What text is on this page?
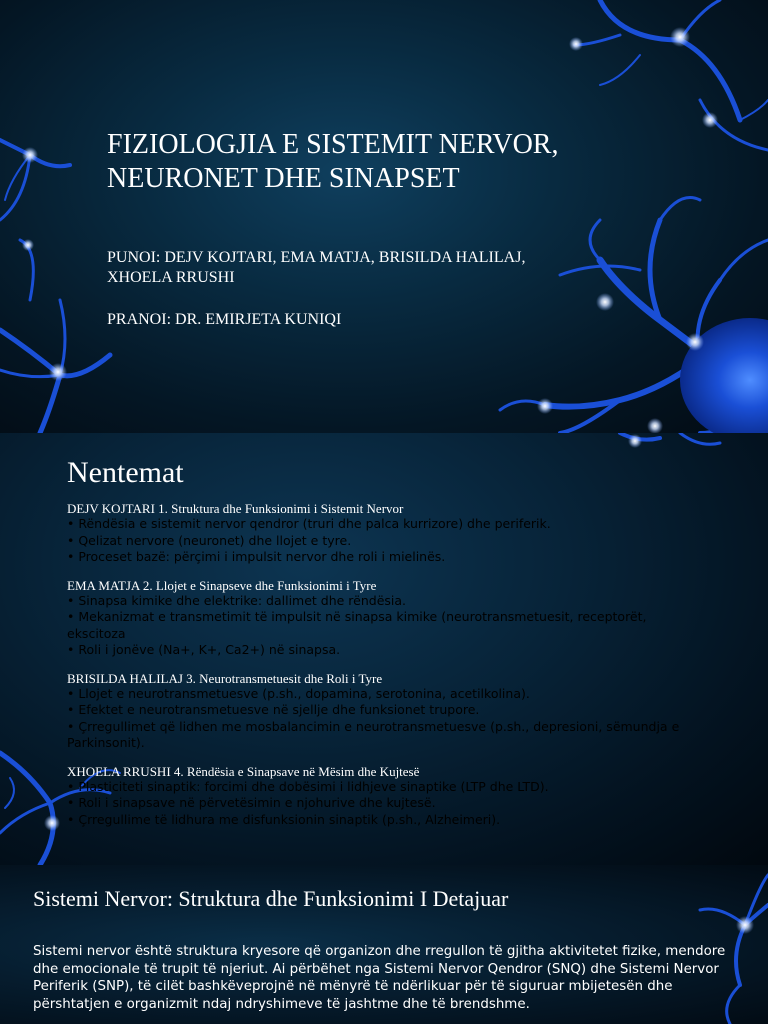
FIZIOLOGJIA E SISTEMIT NERVOR, NEURONET DHE SINAPSET
PUNOI: DEJV KOJTARI, EMA MATJA, BRISILDA HALILAJ, XHOELA RRUSHI
PRANOI: DR. EMIRJETA KUNIQI
Nentemat
DEJV KOJTARI 1. Struktura dhe Funksionimi i Sistemit Nervor
• Rëndësia e sistemit nervor qendror (truri dhe palca kurrizore) dhe periferik.
• Qelizat nervore (neuronet) dhe llojet e tyre.
• Proceset bazë: përçimi i impulsit nervor dhe roli i mielinës.
EMA MATJA 2. Llojet e Sinapseve dhe Funksionimi i Tyre
• Sinapsa kimike dhe elektrike: dallimet dhe rëndësia.
• Mekanizmat e transmetimit të impulsit në sinapsa kimike (neurotransmetuesit, receptorët, ekscitoza
• Roli i jonëve (Na+, K+, Ca2+) në sinapsa.
BRISILDA HALILAJ 3. Neurotransmetuesit dhe Roli i Tyre
• Llojet e neurotransmetuesve (p.sh., dopamina, serotonina, acetilkolina).
• Efektet e neurotransmetuesve në sjellje dhe funksionet trupore.
• Çrregullimet që lidhen me mosbalancimin e neurotransmetuesve (p.sh., depresioni, sëmundja e Parkinsonit).
XHOELA RRUSHI 4. Rëndësia e Sinapsave në Mësim dhe Kujtesë
• Plasticiteti sinaptik: forcimi dhe dobësimi i lidhjeve sinaptike (LTP dhe LTD).
• Roli i sinapsave në përvetësimin e njohurive dhe kujtesë.
• Çrregullime të lidhura me disfunksionin sinaptik (p.sh., Alzheimeri).
Sistemi Nervor: Struktura dhe Funksionimi I Detajuar
Sistemi nervor është struktura kryesore që organizon dhe rregullon të gjitha aktivitetet fizike, mendore dhe emocionale të trupit të njeriut. Ai përbëhet nga Sistemi Nervor Qendror (SNQ) dhe Sistemi Nervor Periferik (SNP), të cilët bashkëveprojnë në mënyrë të ndërlikuar për të siguruar mbijetesën dhe përshtatjen e organizmit ndaj ndryshimeve të jashtme dhe të brendshme.
